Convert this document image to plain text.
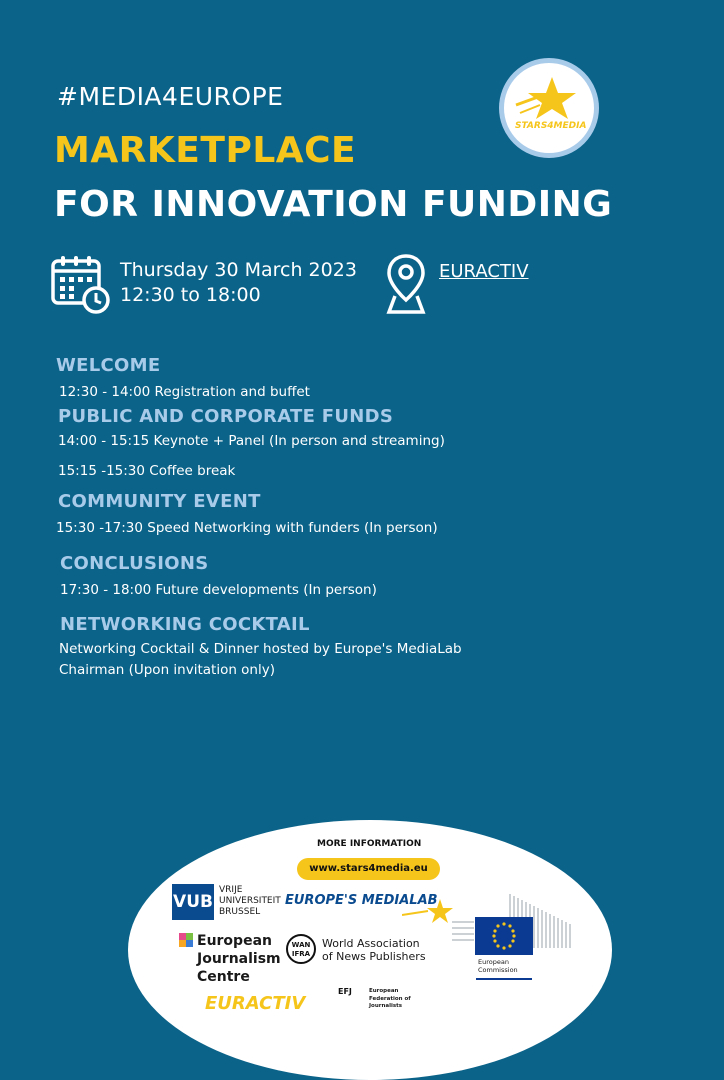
#MEDIA4EUROPE
MARKETPLACE
FOR INNOVATION FUNDING
STARS4MEDIA
Thursday 30 March 2023
12:30 to 18:00
EURACTIV
WELCOME
12:30 - 14:00 Registration and buffet
PUBLIC AND CORPORATE FUNDS
14:00 - 15:15 Keynote + Panel (In person and streaming)
15:15 -15:30 Coffee break
COMMUNITY EVENT
15:30 -17:30 Speed Networking with funders (In person)
CONCLUSIONS
17:30 - 18:00 Future developments (In person)
NETWORKING COCKTAIL
Networking Cocktail & Dinner hosted by Europe's MediaLab
Chairman (Upon invitation only)
MORE INFORMATION
www.stars4media.eu
VUB
VRIJE
UNIVERSITEIT
BRUSSEL
EUROPE'S MEDIALAB
European
Journalism
Centre
WAN IFRA
World Association
of News Publishers	European
Commission
EURACTIV
EFJ	European
Federation of
Journalists
